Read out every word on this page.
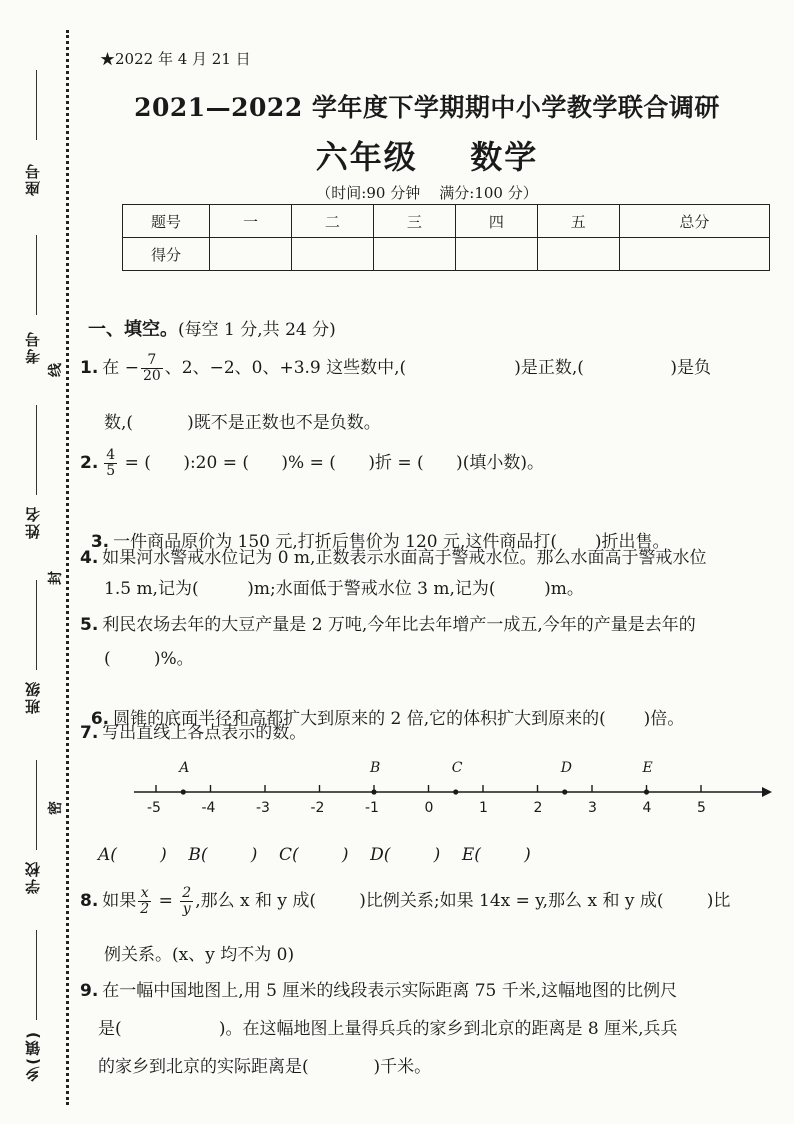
座号
考号
姓名
班级
学校
乡(镇)
线
封
密
★2022 年 4 月 21 日
2021—2022 学年度下学期期中小学教学联合调研
六年级    数学
（时间:90 分钟    满分:100 分）
题号	一	二	三	四	五	总分
得分						
一、填空。(每空 1 分,共 24 分)
1. 在 − $\frac{7}{20}$ 、2、−2、0、+3.9 这些数中,(                    )是正数,(                )是负
数,(          )既不是正数也不是负数。
2. $\frac{4}{5}$ = (      ):20 = (      )% = (      )折 = (      )(填小数)。

3. 一件商品原价为 150 元,打折后售价为 120 元,这件商品打(       )折出售。

4. 如果河水警戒水位记为 0 m,正数表示水面高于警戒水位。那么水面高于警戒水位
1.5 m,记为(         )m;水面低于警戒水位 3 m,记为(         )m。
5. 利民农场去年的大豆产量是 2 万吨,今年比去年增产一成五,今年的产量是去年的
(        )%。

6. 圆锥的底面半径和高都扩大到原来的 2 倍,它的体积扩大到原来的(       )倍。

7. 写出直线上各点表示的数。
-5	-4	-3	-2	-1	0	1	2	3	4	5
A	B	C	D	E
A(        )    B(        )    C(        )    D(        )    E(        )
8. 如果 $\frac{x}{2} = \frac{2}{y}$ ,那么 x 和 y 成(        )比例关系;如果 14x = y,那么 x 和 y 成(        )比
例关系。(x、y 均不为 0)
9. 在一幅中国地图上,用 5 厘米的线段表示实际距离 75 千米,这幅地图的比例尺
是(                  )。在这幅地图上量得兵兵的家乡到北京的距离是 8 厘米,兵兵
的家乡到北京的实际距离是(            )千米。
